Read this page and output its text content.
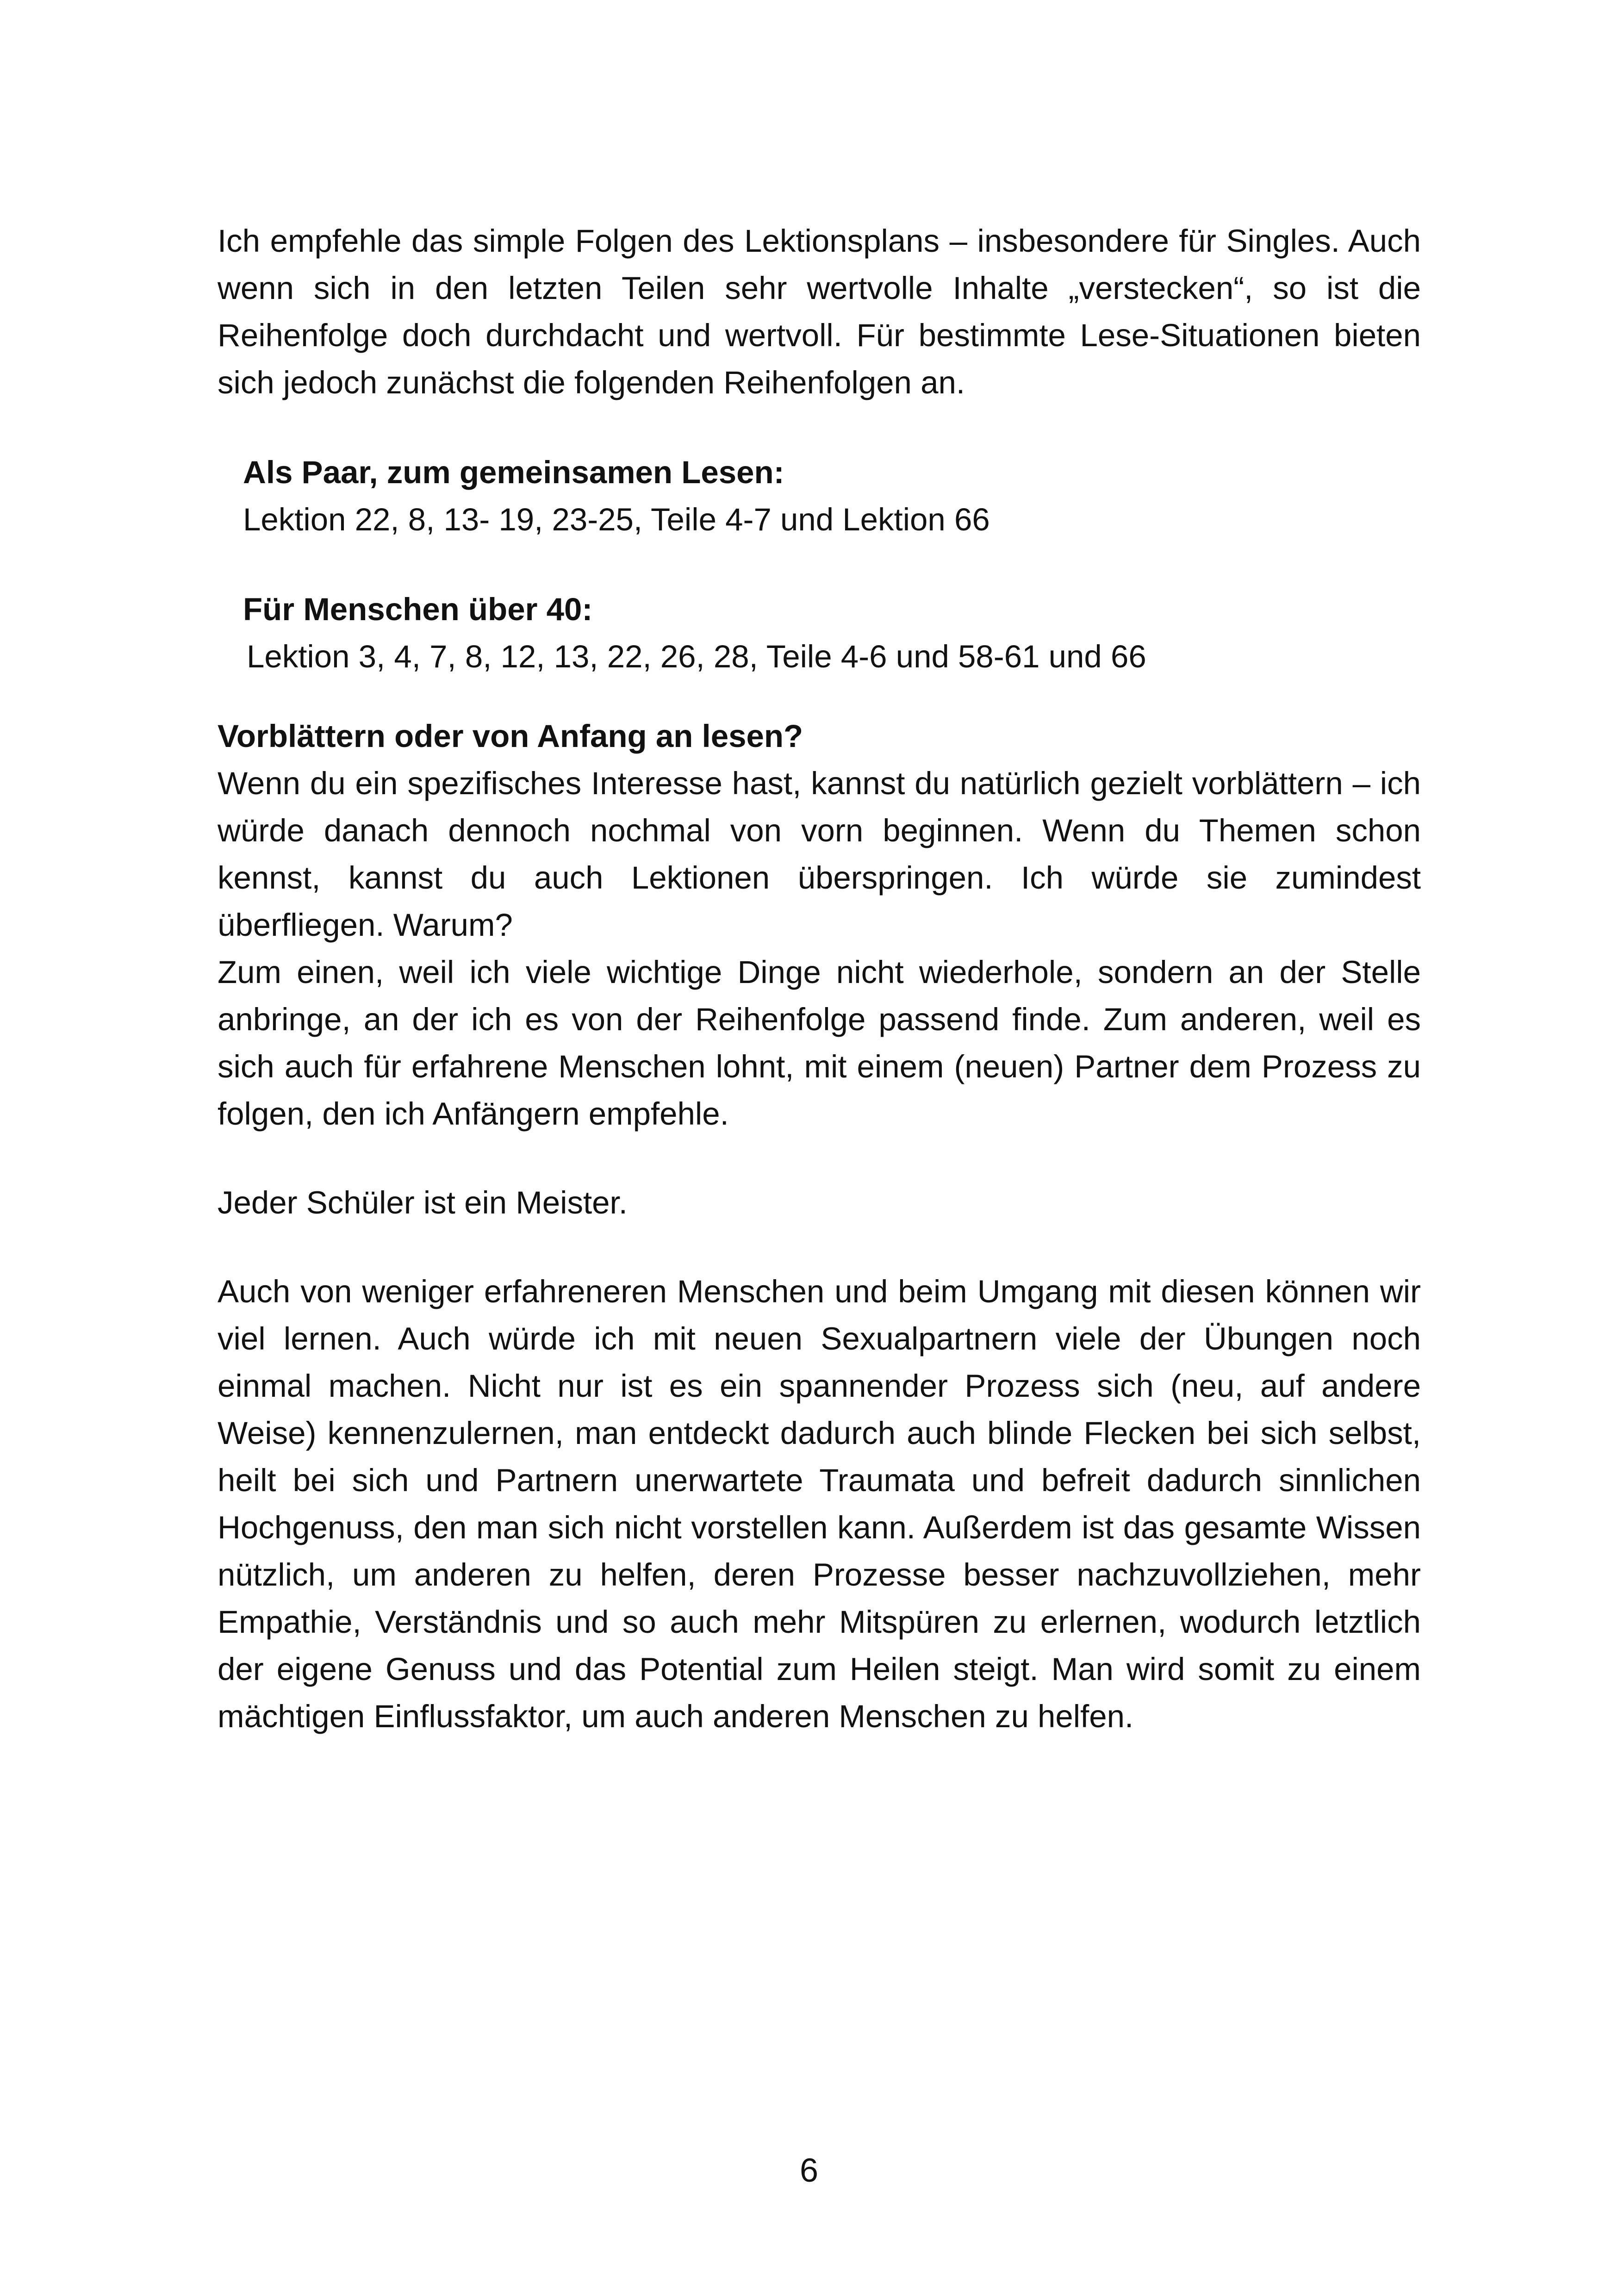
Ich empfehle das simple Folgen des Lektionsplans – insbesondere für Singles. Auch wenn sich in den letzten Teilen sehr wertvolle Inhalte „verstecken“, so ist die Reihenfolge doch durchdacht und wertvoll. Für bestimmte Lese-Situationen bieten sich jedoch zunächst die folgenden Reihenfolgen an.

Als Paar, zum gemeinsamen Lesen:
Lektion 22, 8, 13- 19, 23-25, Teile 4-7 und Lektion 66
Für Menschen über 40:
Lektion 3, 4, 7, 8, 12, 13, 22, 26, 28, Teile 4-6 und 58-61 und 66
Vorblättern oder von Anfang an lesen?

Wenn du ein spezifisches Interesse hast, kannst du natürlich gezielt vorblättern – ich würde danach dennoch nochmal von vorn beginnen. Wenn du Themen schon kennst, kannst du auch Lektionen überspringen. Ich würde sie zumindest überfliegen. Warum?

Zum einen, weil ich viele wichtige Dinge nicht wiederhole, sondern an der Stelle anbringe, an der ich es von der Reihenfolge passend finde. Zum anderen, weil es sich auch für erfahrene Menschen lohnt, mit einem (neuen) Partner dem Prozess zu folgen, den ich Anfängern empfehle.

Jeder Schüler ist ein Meister.

Auch von weniger erfahreneren Menschen und beim Umgang mit diesen können wir viel lernen. Auch würde ich mit neuen Sexualpartnern viele der Übungen noch einmal machen. Nicht nur ist es ein spannender Prozess sich (neu, auf andere Weise) kennenzulernen, man entdeckt dadurch auch blinde Flecken bei sich selbst, heilt bei sich und Partnern unerwartete Traumata und befreit dadurch sinnlichen Hochgenuss, den man sich nicht vorstellen kann. Außerdem ist das gesamte Wissen nützlich, um anderen zu helfen, deren Prozesse besser nachzuvollziehen, mehr Empathie, Verständnis und so auch mehr Mitspüren zu erlernen, wodurch letztlich der eigene Genuss und das Potential zum Heilen steigt. Man wird somit zu einem mächtigen Einflussfaktor, um auch anderen Menschen zu helfen.

6
